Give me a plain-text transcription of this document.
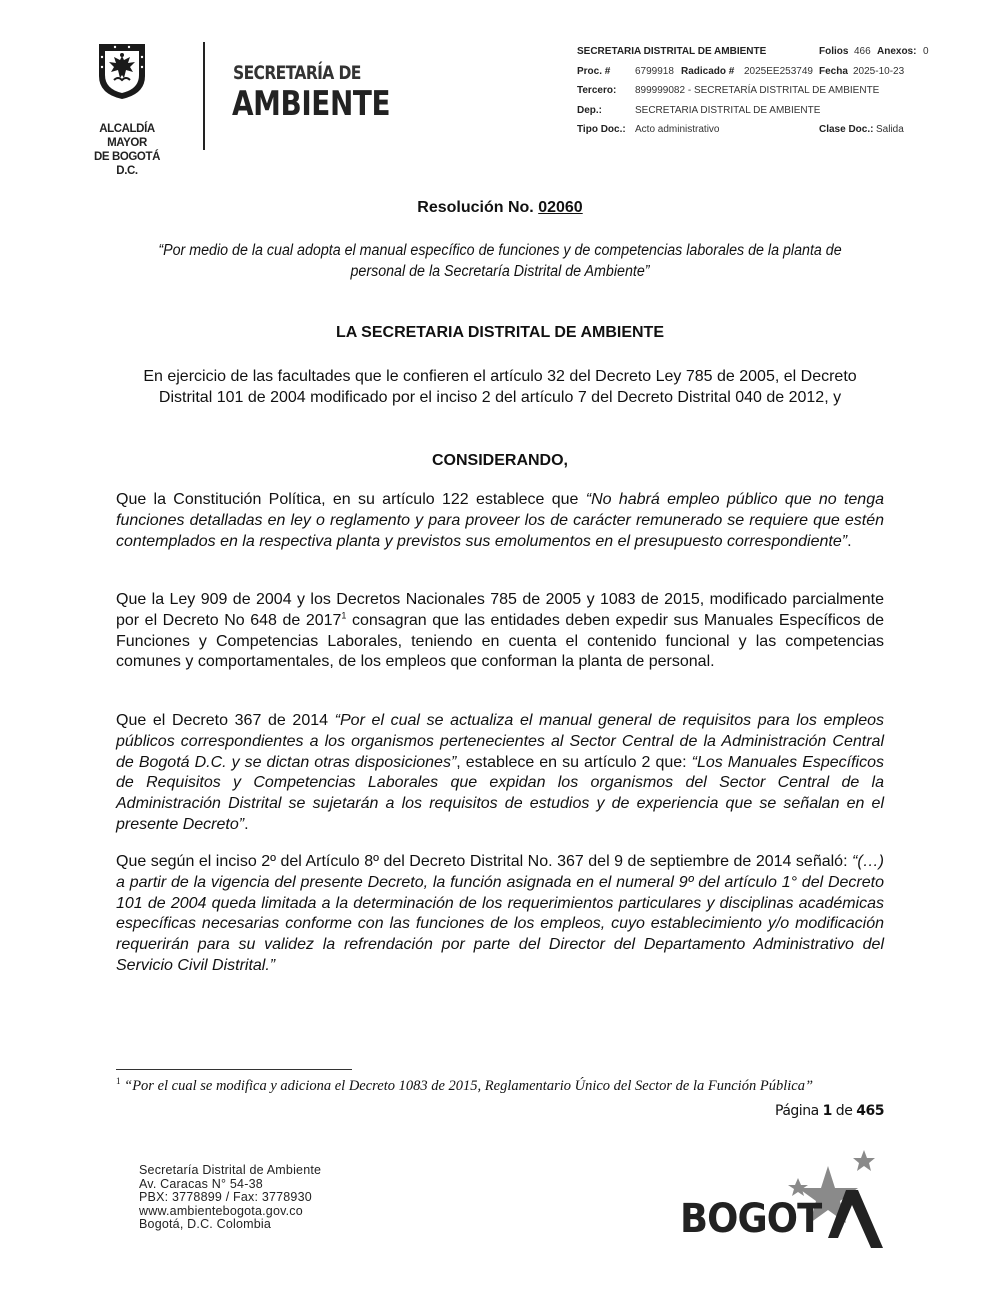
ALCALDÍA MAYOR
DE BOGOTÁ D.C.
SECRETARÍA DE
AMBIENTE
SECRETARIA DISTRITAL DE AMBIENTE	Folios 466 Anexos: 0
Proc. # 6799918 Radicado # 2025EE253749 Fecha 2025-10-23
Tercero: 899999082 - SECRETARÍA DISTRITAL DE AMBIENTE
Dep.:	SECRETARIA DISTRITAL DE AMBIENTE
Tipo Doc.: Acto administrativo	Clase Doc.: Salida
Resolución No. 02060
“Por medio de la cual adopta el manual específico de funciones y de competencias laborales de la planta de personal de la Secretaría Distrital de Ambiente”
LA SECRETARIA DISTRITAL DE AMBIENTE
En ejercicio de las facultades que le confieren el artículo 32 del Decreto Ley 785 de 2005, el Decreto Distrital 101 de 2004 modificado por el inciso 2 del artículo 7 del Decreto Distrital 040 de 2012, y
CONSIDERANDO,
Que la Constitución Política, en su artículo 122 establece que “No habrá empleo público que no tenga funciones detalladas en ley o reglamento y para proveer los de carácter remunerado se requiere que estén contemplados en la respectiva planta y previstos sus emolumentos en el presupuesto correspondiente”.
Que la Ley 909 de 2004 y los Decretos Nacionales 785 de 2005 y 1083 de 2015, modificado parcialmente por el Decreto No 648 de 2017$^1$ consagran que las entidades deben expedir sus Manuales Específicos de Funciones y Competencias Laborales, teniendo en cuenta el contenido funcional y las competencias comunes y comportamentales, de los empleos que conforman la planta de personal.
Que el Decreto 367 de 2014 “Por el cual se actualiza el manual general de requisitos para los empleos públicos correspondientes a los organismos pertenecientes al Sector Central de la Administración Central de Bogotá D.C. y se dictan otras disposiciones”, establece en su artículo 2 que: “Los Manuales Específicos de Requisitos y Competencias Laborales que expidan los organismos del Sector Central de la Administración Distrital se sujetarán a los requisitos de estudios y de experiencia que se señalan en el presente Decreto”.
Que según el inciso 2º del Artículo 8º del Decreto Distrital No. 367 del 9 de septiembre de 2014 señaló: “(…) a partir de la vigencia del presente Decreto, la función asignada en el numeral 9º del artículo 1° del Decreto 101 de 2004 queda limitada a la determinación de los requerimientos particulares y disciplinas académicas específicas necesarias conforme con las funciones de los empleos, cuyo establecimiento y/o modificación requerirán para su validez la refrendación por parte del Director del Departamento Administrativo del Servicio Civil Distrital.”
$^1$ “Por el cual se modifica y adiciona el Decreto 1083 de 2015, Reglamentario Único del Sector de la Función Pública”
Página 1 de 465
Secretaría Distrital de Ambiente
Av. Caracas N° 54-38
PBX: 3778899 / Fax: 3778930
www.ambientebogota.gov.co
Bogotá, D.C. Colombia	BOGOT
